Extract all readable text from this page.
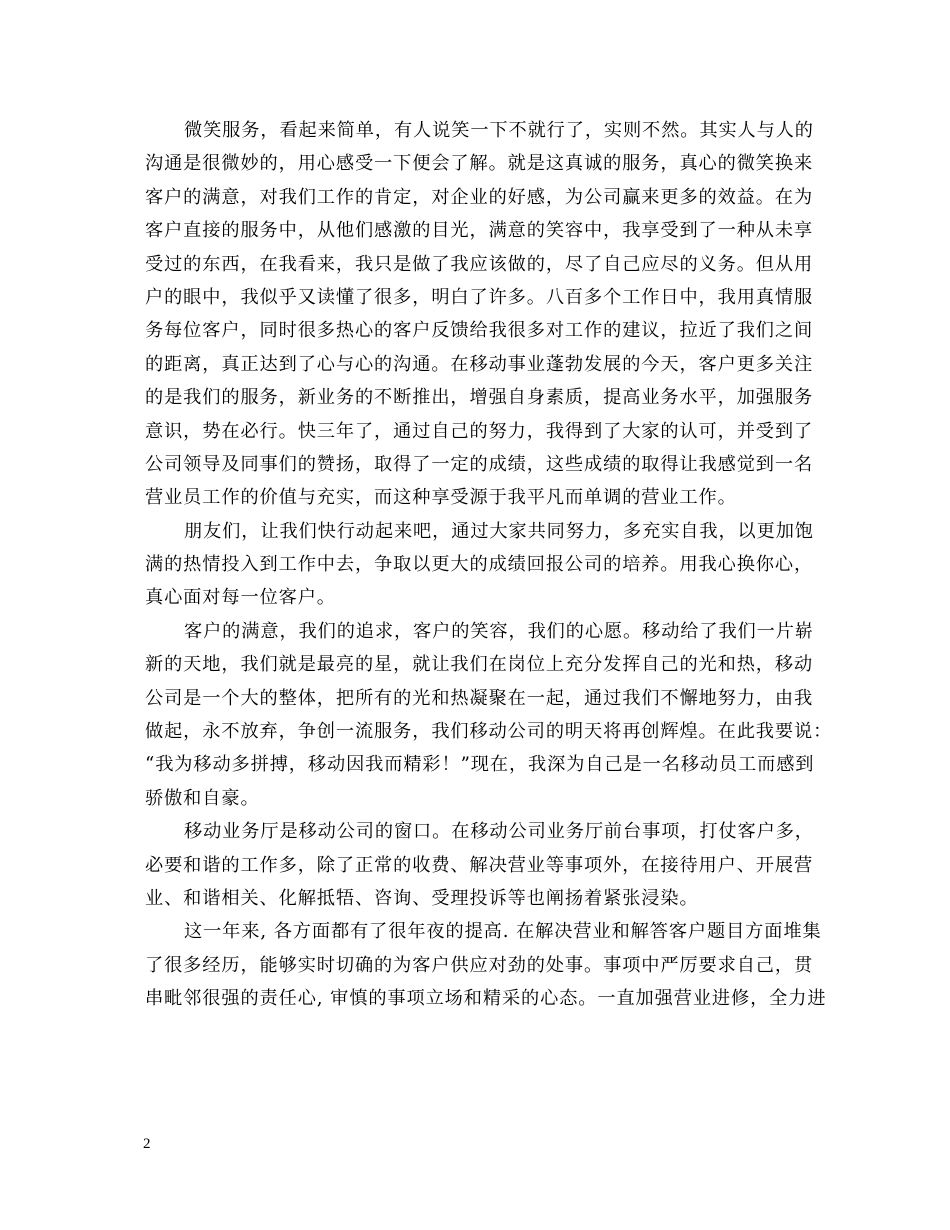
微笑服务，看起来简单，有人说笑一下不就行了，实则不然。其实人与人的
沟通是很微妙的，用心感受一下便会了解。就是这真诚的服务，真心的微笑换来
客户的满意，对我们工作的肯定，对企业的好感，为公司赢来更多的效益。在为
客户直接的服务中，从他们感激的目光，满意的笑容中，我享受到了一种从未享
受过的东西，在我看来，我只是做了我应该做的，尽了自己应尽的义务。但从用
户的眼中，我似乎又读懂了很多，明白了许多。八百多个工作日中，我用真情服
务每位客户，同时很多热心的客户反馈给我很多对工作的建议，拉近了我们之间
的距离，真正达到了心与心的沟通。在移动事业蓬勃发展的今天，客户更多关注
的是我们的服务，新业务的不断推出，增强自身素质，提高业务水平，加强服务
意识，势在必行。快三年了，通过自己的努力，我得到了大家的认可，并受到了
公司领导及同事们的赞扬，取得了一定的成绩，这些成绩的取得让我感觉到一名
营业员工作的价值与充实，而这种享受源于我平凡而单调的营业工作。
朋友们，让我们快行动起来吧，通过大家共同努力，多充实自我，以更加饱
满的热情投入到工作中去，争取以更大的成绩回报公司的培养。用我心换你心，
真心面对每一位客户。
客户的满意，我们的追求，客户的笑容，我们的心愿。移动给了我们一片崭
新的天地，我们就是最亮的星，就让我们在岗位上充分发挥自己的光和热，移动
公司是一个大的整体，把所有的光和热凝聚在一起，通过我们不懈地努力，由我
做起，永不放弃，争创一流服务，我们移动公司的明天将再创辉煌。在此我要说：
“我为移动多拼搏，移动因我而精彩！”现在，我深为自己是一名移动员工而感到
骄傲和自豪。
移动业务厅是移动公司的窗口。在移动公司业务厅前台事项，打仗客户多，
必要和谐的工作多，除了正常的收费、解决营业等事项外，在接待用户、开展营
业、和谐相关、化解抵牾、咨询、受理投诉等也阐扬着紧张浸染。
这一年来, 各方面都有了很年夜的提高. 在解决营业和解答客户题目方面堆集
了很多经历，能够实时切确的为客户供应对劲的处事。事项中严厉要求自己，贯
串毗邻很强的责任心, 审慎的事项立场和精采的心态。一直加强营业进修，全力进
2
